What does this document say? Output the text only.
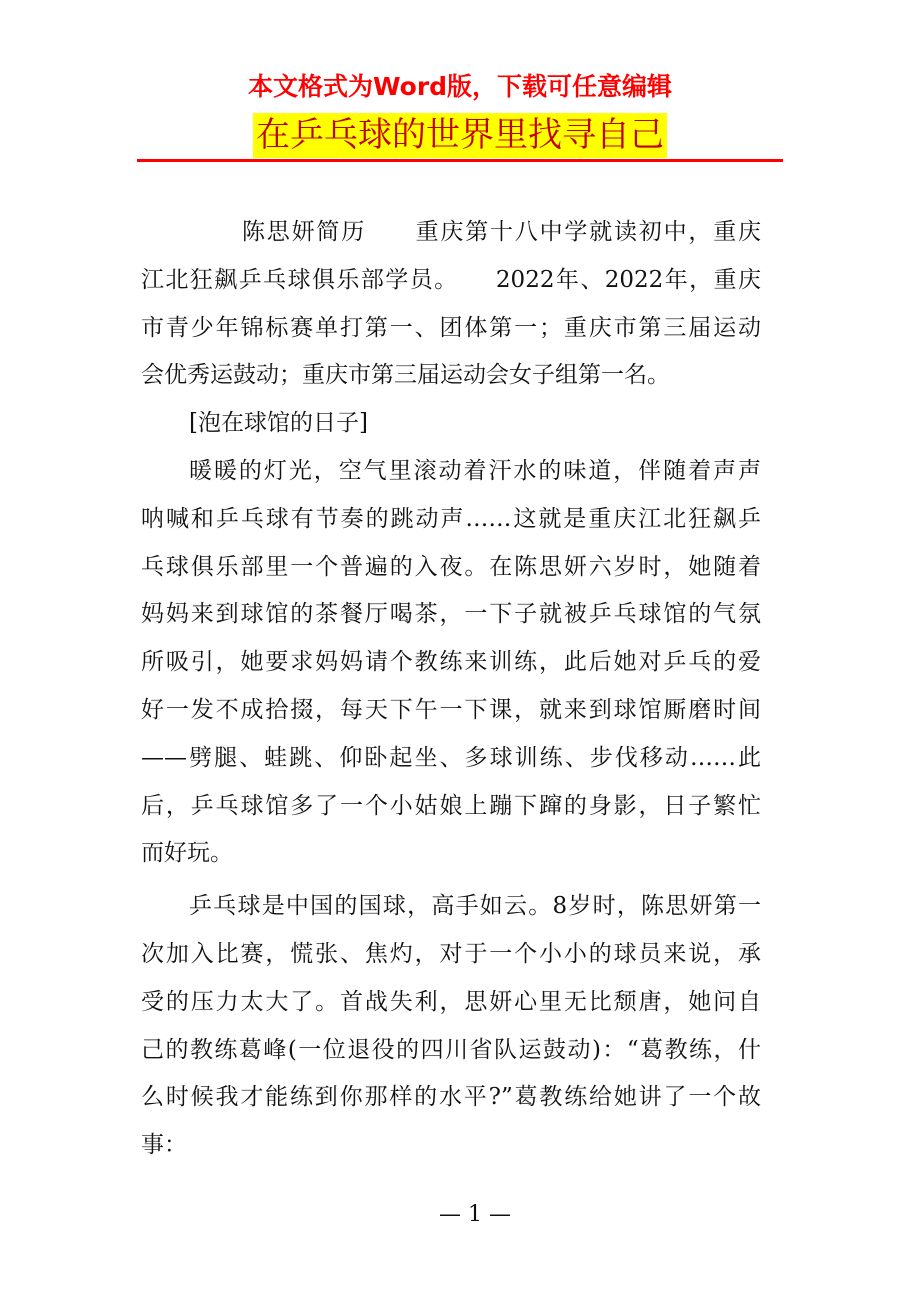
本文格式为Word版，下载可任意编辑
在乒乓球的世界里找寻自己
陈思妍简历　　重庆第十八中学就读初中，重庆
江北狂飙乒乓球俱乐部学员。　　2022年、2022年，重庆
市青少年锦标赛单打第一、团体第一；重庆市第三届运动
会优秀运鼓动；重庆市第三届运动会女子组第一名。
[泡在球馆的日子]
暖暖的灯光，空气里滚动着汗水的味道，伴随着声声
呐喊和乒乓球有节奏的跳动声……这就是重庆江北狂飙乒
乓球俱乐部里一个普遍的入夜。在陈思妍六岁时，她随着
妈妈来到球馆的茶餐厅喝茶，一下子就被乒乓球馆的气氛
所吸引，她要求妈妈请个教练来训练，此后她对乒乓的爱
好一发不成拾掇，每天下午一下课，就来到球馆厮磨时间
——劈腿、蛙跳、仰卧起坐、多球训练、步伐移动……此
后，乒乓球馆多了一个小姑娘上蹦下蹿的身影，日子繁忙
而好玩。
乒乓球是中国的国球，高手如云。8岁时，陈思妍第一
次加入比赛，慌张、焦灼，对于一个小小的球员来说，承
受的压力太大了。首战失利，思妍心里无比颓唐，她问自
己的教练葛峰(一位退役的四川省队运鼓动)：“葛教练，什
么时候我才能练到你那样的水平?”葛教练给她讲了一个故
事：
— 1 —
